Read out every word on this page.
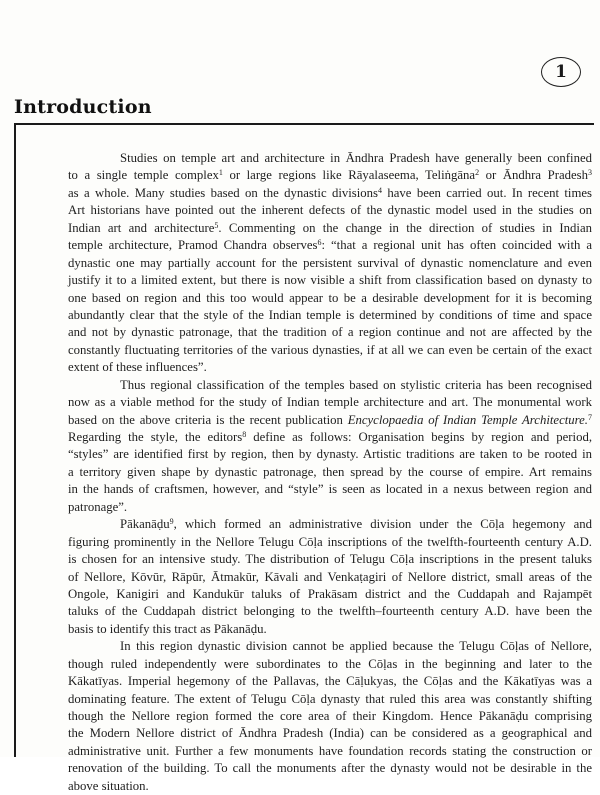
1
Introduction
Studies on temple art and architecture in Āndhra Pradesh have generally been confined
to a single temple complex$^1$ or large regions like Rāyalaseema, Teliṅgāna$^2$ or Āndhra Pradesh$^3$
as a whole. Many studies based on the dynastic divisions$^4$ have been carried out. In recent times
Art historians have pointed out the inherent defects of the dynastic model used in the studies on
Indian art and architecture$^5$. Commenting on the change in the direction of studies in Indian
temple architecture, Pramod Chandra observes$^6$: “that a regional unit has often coincided with a
dynastic one may partially account for the persistent survival of dynastic nomenclature and even
justify it to a limited extent, but there is now visible a shift from classification based on dynasty to
one based on region and this too would appear to be a desirable development for it is becoming
abundantly clear that the style of the Indian temple is determined by conditions of time and space
and not by dynastic patronage, that the tradition of a region continue and not are affected by the
constantly fluctuating territories of the various dynasties, if at all we can even be certain of the exact
extent of these influences”.
Thus regional classification of the temples based on stylistic criteria has been recognised
now as a viable method for the study of Indian temple architecture and art. The monumental work
based on the above criteria is the recent publication Encyclopaedia of Indian Temple Architecture.$^7$
Regarding the style, the editors$^8$ define as follows: Organisation begins by region and period,
“styles” are identified first by region, then by dynasty. Artistic traditions are taken to be rooted in
a territory given shape by dynastic patronage, then spread by the course of empire. Art remains
in the hands of craftsmen, however, and “style” is seen as located in a nexus between region and
patronage”.
Pākanāḍu$^9$, which formed an administrative division under the Cōḷa hegemony and
figuring prominently in the Nellore Telugu Cōḷa inscriptions of the twelfth-fourteenth century A.D.
is chosen for an intensive study. The distribution of Telugu Cōḷa inscriptions in the present taluks
of Nellore, Kōvūr, Rāpūr, Ātmakūr, Kāvali and Venkaṭagiri of Nellore district, small areas of the
Ongole, Kanigiri and Kandukūr taluks of Prakāsam district and the Cuddapah and Rajampēt
taluks of the Cuddapah district belonging to the twelfth–fourteenth century A.D. have been the
basis to identify this tract as Pākanāḍu.
In this region dynastic division cannot be applied because the Telugu Cōḷas of Nellore,
though ruled independently were subordinates to the Cōḷas in the beginning and later to the
Kākatīyas. Imperial hegemony of the Pallavas, the Cāḷukyas, the Cōḷas and the Kākatīyas was a
dominating feature. The extent of Telugu Cōḷa dynasty that ruled this area was constantly shifting
though the Nellore region formed the core area of their Kingdom. Hence Pākanāḍu comprising
the Modern Nellore district of Āndhra Pradesh (India) can be considered as a geographical and
administrative unit. Further a few monuments have foundation records stating the construction or
renovation of the building. To call the monuments after the dynasty would not be desirable in the
above situation.
